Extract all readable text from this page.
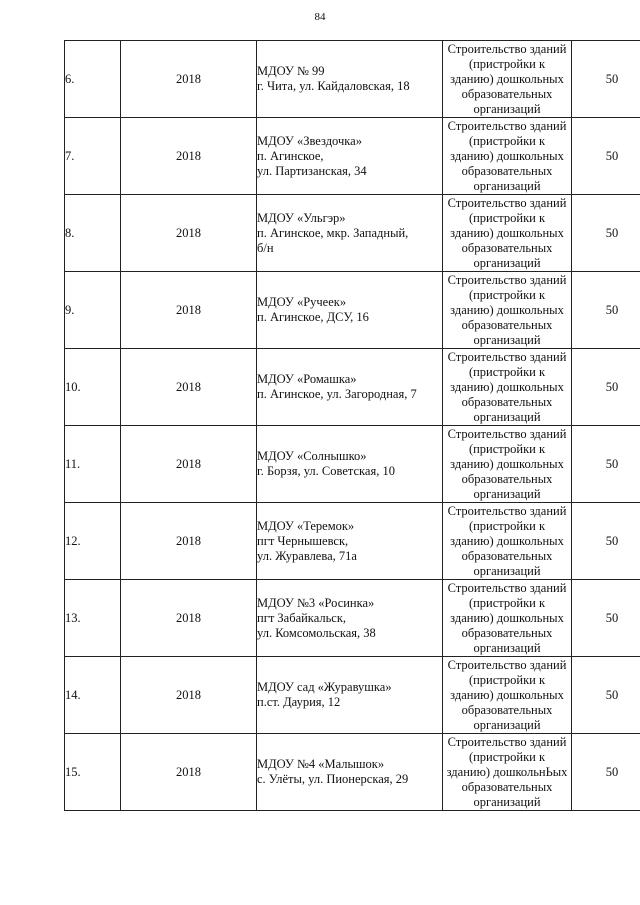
84
6.	2018	МДОУ № 99
г. Чита, ул. Кайдаловская, 18	Строительство зданий
(пристройки к
зданию) дошкольных
образовательных
организаций	50
7.	2018	МДОУ «Звездочка»
п. Агинское,
ул. Партизанская, 34	Строительство зданий
(пристройки к
зданию) дошкольных
образовательных
организаций	50
8.	2018	МДОУ «Ульгэр»
п. Агинское, мкр. Западный,
б/н	Строительство зданий
(пристройки к
зданию) дошкольных
образовательных
организаций	50
9.	2018	МДОУ «Ручеек»
п. Агинское, ДСУ, 16	Строительство зданий
(пристройки к
зданию) дошкольных
образовательных
организаций	50
10.	2018	МДОУ «Ромашка»
п. Агинское, ул. Загородная, 7	Строительство зданий
(пристройки к
зданию) дошкольных
образовательных
организаций	50
11.	2018	МДОУ «Солнышко»
г. Борзя, ул. Советская, 10	Строительство зданий
(пристройки к
зданию) дошкольных
образовательных
организаций	50
12.	2018	МДОУ «Теремок»
пгт Чернышевск,
ул. Журавлева, 71а	Строительство зданий
(пристройки к
зданию) дошкольных
образовательных
организаций	50
13.	2018	МДОУ №3 «Росинка»
пгт Забайкальск,
ул. Комсомольская, 38	Строительство зданий
(пристройки к
зданию) дошкольных
образовательных
организаций	50
14.	2018	МДОУ сад «Журавушка»
п.ст. Даурия, 12	Строительство зданий
(пристройки к
зданию) дошкольных
образовательных
организаций	50
15.	2018	МДОУ №4 «Малышок»
с. Улёты, ул. Пионерская, 29	Строительство зданий
(пристройки к
зданию) дошкольнЬых
образовательных
организаций	50
